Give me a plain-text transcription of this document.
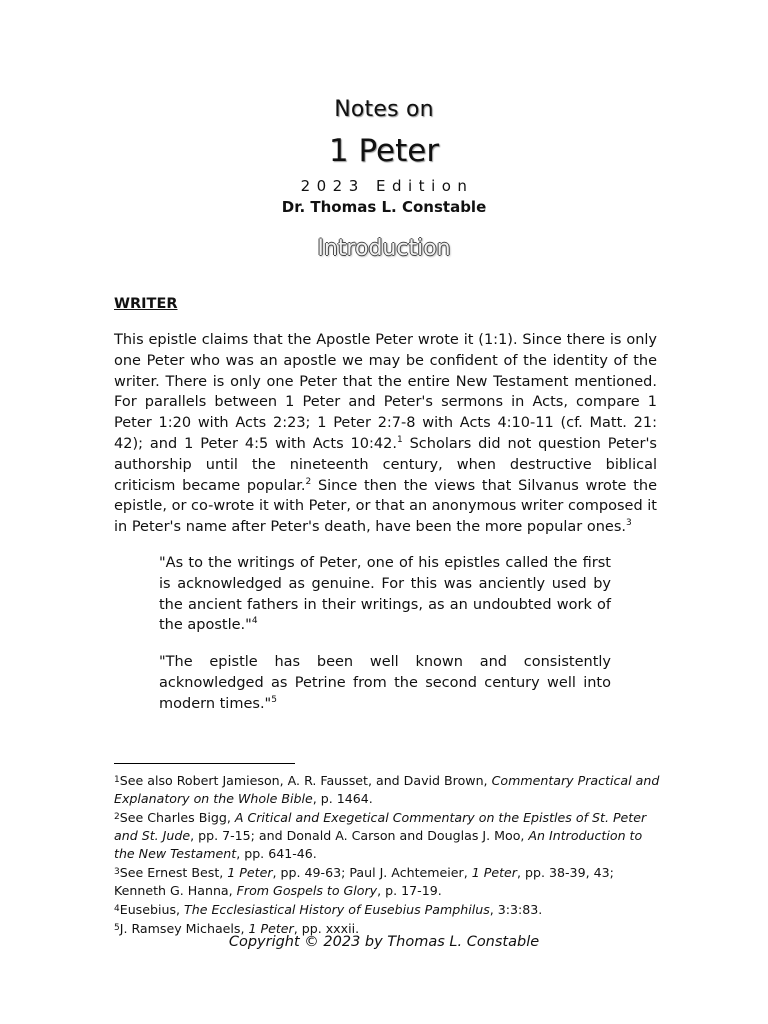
Notes on
1 Peter
2023 Edition
Dr. Thomas L. Constable
Introduction
WRITER

This epistle claims that the Apostle Peter wrote it (1:1). Since there is only one Peter who was an apostle we may be confident of the identity of the writer. There is only one Peter that the entire New Testament mentioned. For parallels between 1 Peter and Peter's sermons in Acts, compare 1 Peter 1:20 with Acts 2:23; 1 Peter 2:7-8 with Acts 4:10-11 (cf. Matt. 21: 42); and 1 Peter 4:5 with Acts 10:42.$^1$ Scholars did not question Peter's authorship until the nineteenth century, when destructive biblical criticism became popular.$^2$ Since then the views that Silvanus wrote the epistle, or co-wrote it with Peter, or that an anonymous writer composed it in Peter's name after Peter's death, have been the more popular ones.$^3$

"As to the writings of Peter, one of his epistles called the first is acknowledged as genuine. For this was anciently used by the ancient fathers in their writings, as an undoubted work of the apostle."$^4$

"The epistle has been well known and consistently acknowledged as Petrine from the second century well into modern times."$^5$

$^1$See also Robert Jamieson, A. R. Fausset, and David Brown, Commentary Practical and Explanatory on the Whole Bible, p. 1464.
$^2$See Charles Bigg, A Critical and Exegetical Commentary on the Epistles of St. Peter and St. Jude, pp. 7-15; and Donald A. Carson and Douglas J. Moo, An Introduction to the New Testament, pp. 641-46.
$^3$See Ernest Best, 1 Peter, pp. 49-63; Paul J. Achtemeier, 1 Peter, pp. 38-39, 43; Kenneth G. Hanna, From Gospels to Glory, p. 17-19.
$^4$Eusebius, The Ecclesiastical History of Eusebius Pamphilus, 3:3:83.
$^5$J. Ramsey Michaels, 1 Peter, pp. xxxii.
Copyright © 2023 by Thomas L. Constable
